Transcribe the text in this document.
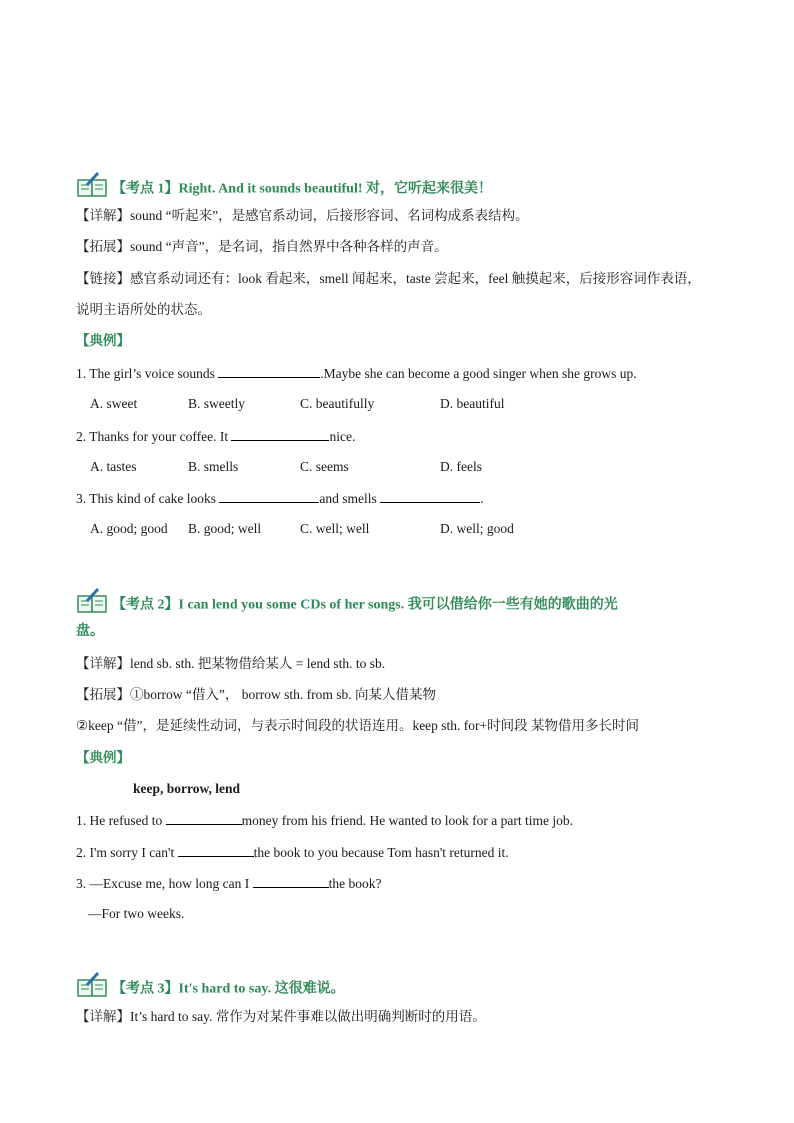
【考点 1】Right. And it sounds beautiful! 对，它听起来很美！
【详解】sound “听起来”，是感官系动词，后接形容词、名词构成系表结构。
【拓展】sound “声音”，是名词，指自然界中各种各样的声音。
【链接】感官系动词还有：look 看起来，smell 闻起来，taste 尝起来，feel 触摸起来，后接形容词作表语，
说明主语所处的状态。
【典例】
1. The girl’s voice sounds	.Maybe she can become a good singer when she grows up.
A. sweet	B. sweetly	C. beautifully	D. beautiful
2. Thanks for your coffee. It	nice.
A. tastes	B. smells	C. seems	D. feels
3. This kind of cake looks	and smells	.
A. good; good B. good; well	C. well; well	D. well; good
【考点 2】I can lend you some CDs of her songs. 我可以借给你一些有她的歌曲的光
盘。
【详解】lend sb. sth. 把某物借给某人 = lend sth. to sb.
【拓展】①borrow “借入”， borrow sth. from sb. 向某人借某物
②keep “借”，是延续性动词，与表示时间段的状语连用。keep sth. for+时间段 某物借用多长时间
【典例】
keep, borrow, lend
1. He refused to	money from his friend. He wanted to look for a part time job.
2. I'm sorry I can't	the book to you because Tom hasn't returned it.
3. —Excuse me, how long can I	the book?
—For two weeks.
【考点 3】It's hard to say. 这很难说。
【详解】It’s hard to say. 常作为对某件事难以做出明确判断时的用语。
